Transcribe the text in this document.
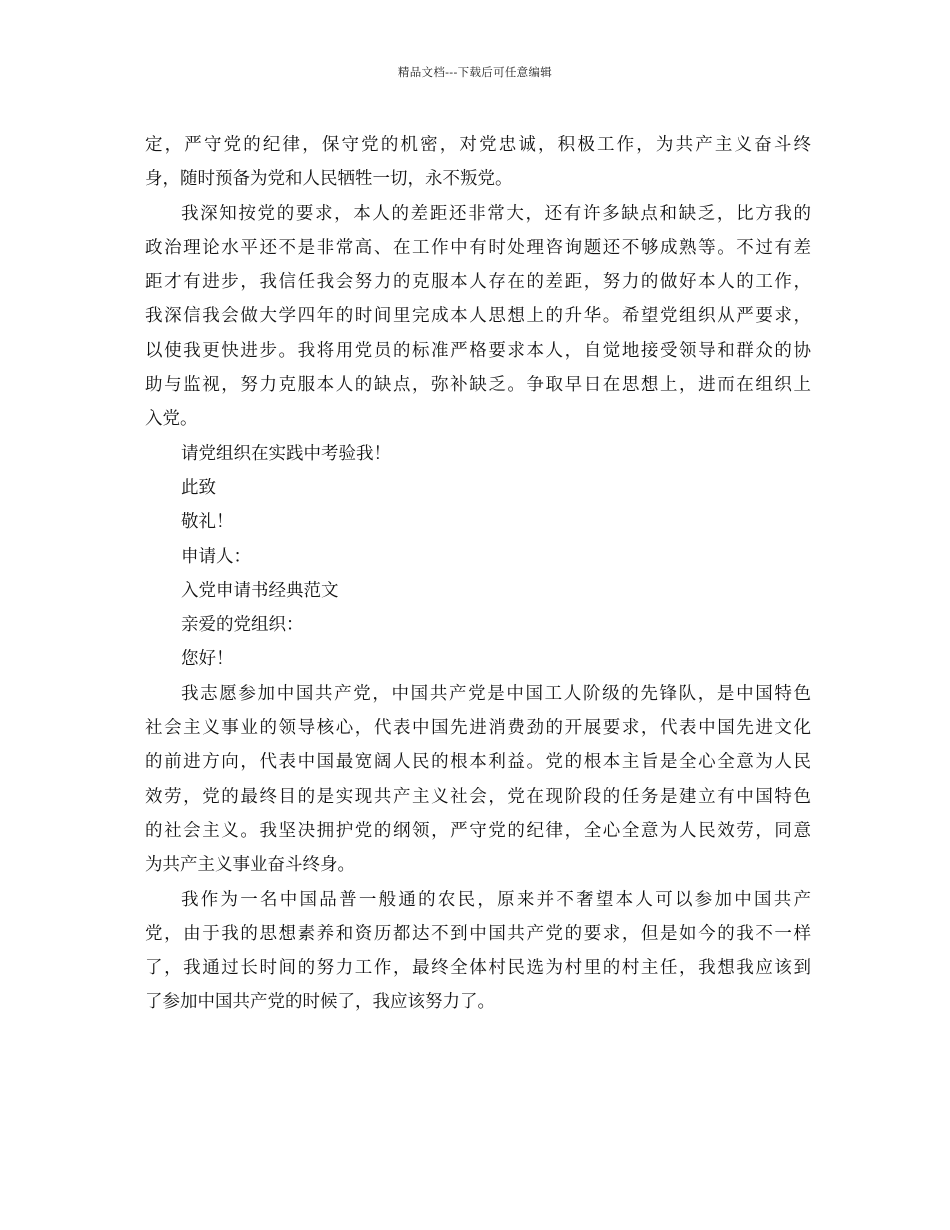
精品文档---下载后可任意编辑
定，严守党的纪律，保守党的机密，对党忠诚，积极工作，为共产主义奋斗终
身，随时预备为党和人民牺牲一切，永不叛党。
我深知按党的要求，本人的差距还非常大，还有许多缺点和缺乏，比方我的
政治理论水平还不是非常高、在工作中有时处理咨询题还不够成熟等。不过有差
距才有进步，我信任我会努力的克服本人存在的差距，努力的做好本人的工作，
我深信我会做大学四年的时间里完成本人思想上的升华。希望党组织从严要求，
以使我更快进步。我将用党员的标准严格要求本人，自觉地接受领导和群众的协
助与监视，努力克服本人的缺点，弥补缺乏。争取早日在思想上，进而在组织上
入党。
请党组织在实践中考验我！
此致
敬礼！
申请人：
入党申请书经典范文
亲爱的党组织：
您好！
我志愿参加中国共产党，中国共产党是中国工人阶级的先锋队，是中国特色
社会主义事业的领导核心，代表中国先进消费劲的开展要求，代表中国先进文化
的前进方向，代表中国最宽阔人民的根本利益。党的根本主旨是全心全意为人民
效劳，党的最终目的是实现共产主义社会，党在现阶段的任务是建立有中国特色
的社会主义。我坚决拥护党的纲领，严守党的纪律，全心全意为人民效劳，同意
为共产主义事业奋斗终身。
我作为一名中国品普一般通的农民，原来并不奢望本人可以参加中国共产
党，由于我的思想素养和资历都达不到中国共产党的要求，但是如今的我不一样
了，我通过长时间的努力工作，最终全体村民选为村里的村主任，我想我应该到
了参加中国共产党的时候了，我应该努力了。
